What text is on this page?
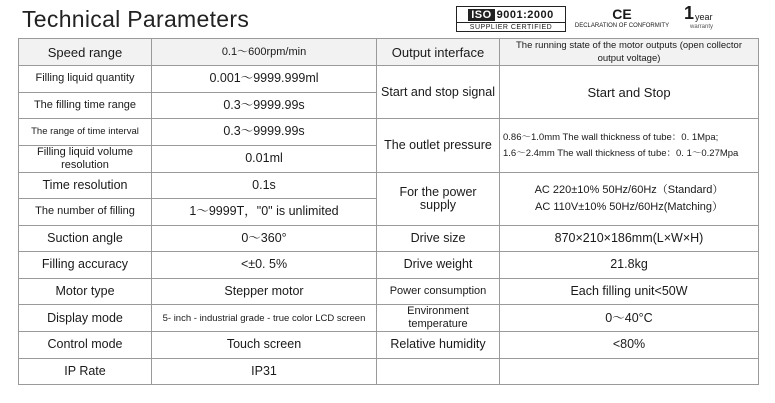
Technical Parameters	ISO 9001:2000
SUPPLIER CERTIFIED
CE
DECLARATION OF CONFORMITY
1 year
warranty
Speed range	0.1～600rpm/min	Output interface	The running state of the motor outputs (open collector output voltage)
Filling liquid quantity	0.001～9999.999ml	Start and stop signal	Start and Stop
The filling time range	0.3～9999.99s		
The range of time interval	0.3～9999.99s	The outlet pressure	0.86～1.0mm The wall thickness of tube：0. 1Mpa;
1.6～2.4mm The wall thickness of tube：0. 1～0.27Mpa

Filling liquid volume resolution	0.01ml		
Time resolution	0.1s	For the power supply	AC 220±10% 50Hz/60Hz（Standard）
AC 110V±10% 50Hz/60Hz(Matching）

The number of filling	1～9999T，"0" is unlimited		
Suction angle	0～360°	Drive size	870×210×186mm(L×W×H)
Filling accuracy	<±0. 5%	Drive weight	21.8kg
Motor type	Stepper motor	Power consumption	Each filling unit<50W
Display mode	5- inch - industrial grade - true color LCD screen	Environment temperature	0～40°C
Control mode	Touch screen	Relative humidity	<80%
IP Rate	IP31		
